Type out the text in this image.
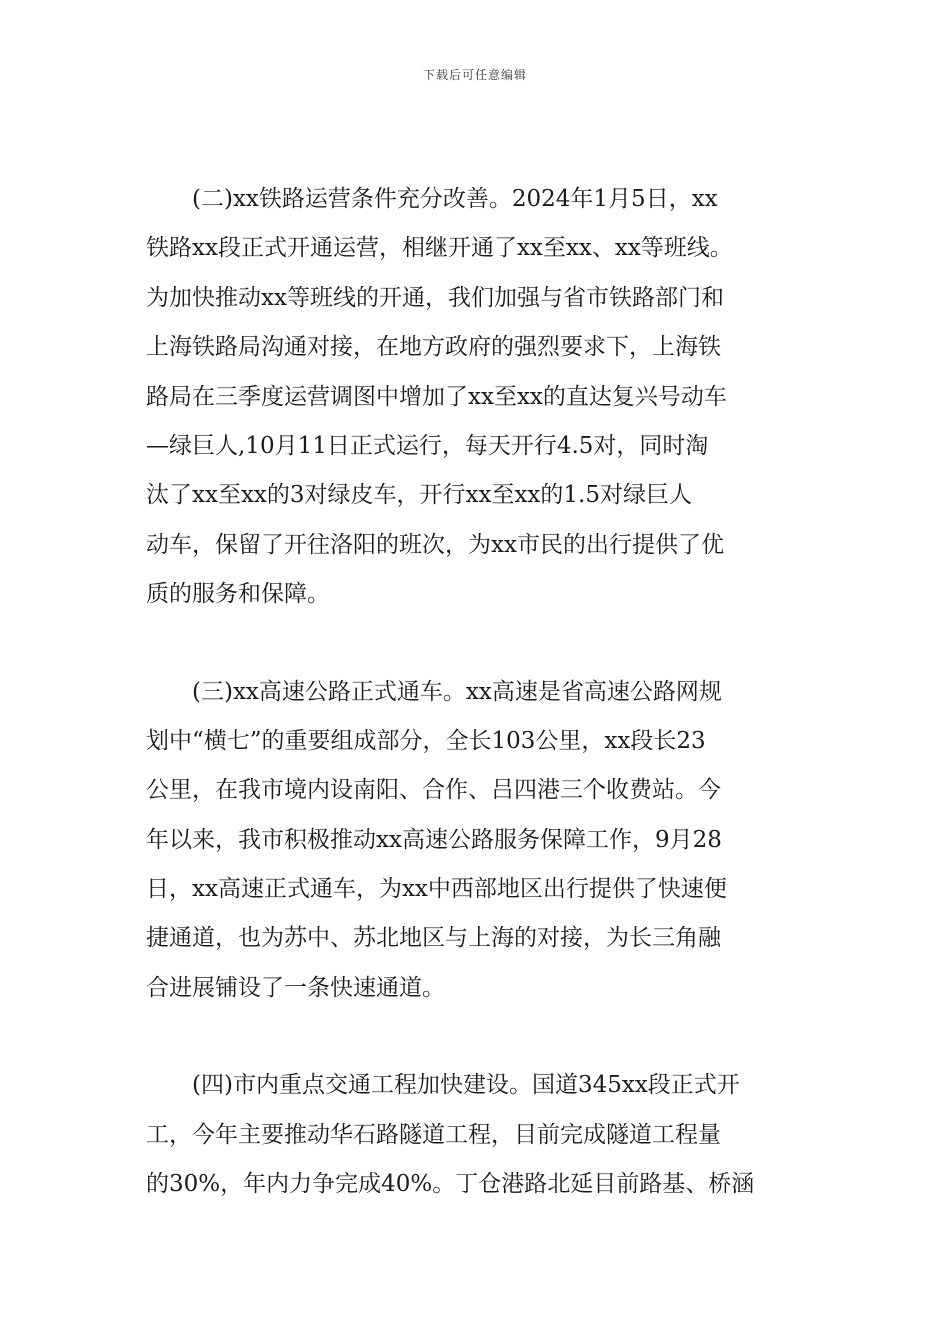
下载后可任意编辑
(二)xx铁路运营条件充分改善。2024年1月5日，xx
铁路xx段正式开通运营，相继开通了xx至xx、xx等班线。
为加快推动xx等班线的开通，我们加强与省市铁路部门和
上海铁路局沟通对接，在地方政府的强烈要求下，上海铁
路局在三季度运营调图中增加了xx至xx的直达复兴号动车
—绿巨人,10月11日正式运行，每天开行4.5对，同时淘
汰了xx至xx的3对绿皮车，开行xx至xx的1.5对绿巨人
动车，保留了开往洛阳的班次，为xx市民的出行提供了优
质的服务和保障。
(三)xx高速公路正式通车。xx高速是省高速公路网规
划中“横七”的重要组成部分，全长103公里，xx段长23
公里，在我市境内设南阳、合作、吕四港三个收费站。今
年以来，我市积极推动xx高速公路服务保障工作，9月28
日，xx高速正式通车，为xx中西部地区出行提供了快速便
捷通道，也为苏中、苏北地区与上海的对接，为长三角融
合进展铺设了一条快速通道。
(四)市内重点交通工程加快建设。国道345xx段正式开
工，今年主要推动华石路隧道工程，目前完成隧道工程量
的30%，年内力争完成40%。丁仓港路北延目前路基、桥涵
